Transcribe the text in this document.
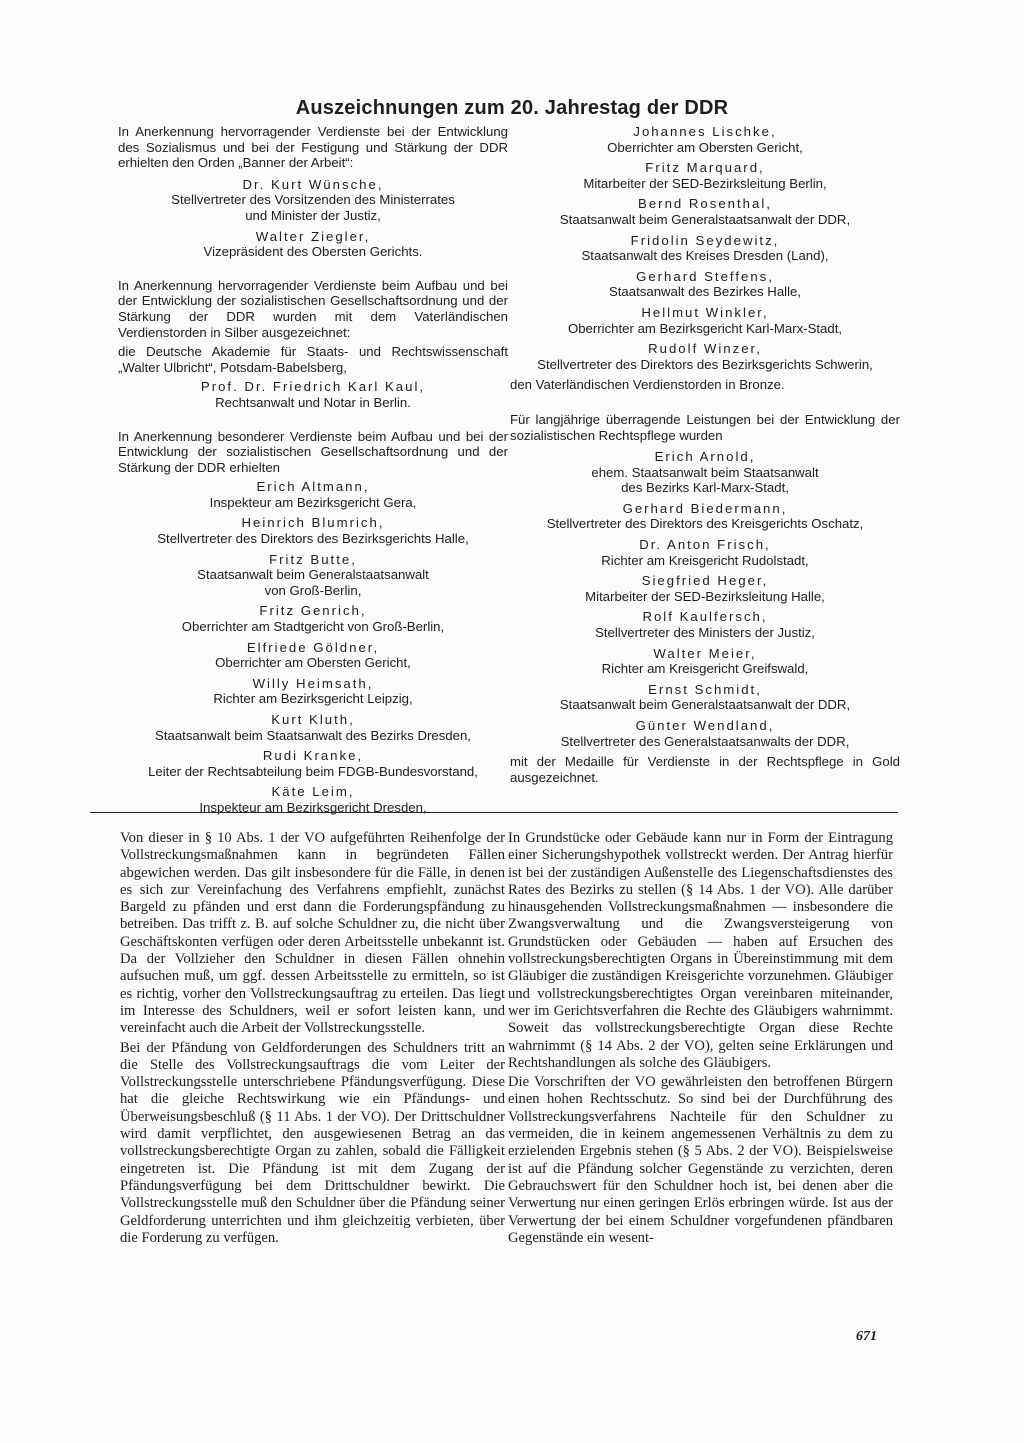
Auszeichnungen zum 20. Jahrestag der DDR

In Anerkennung hervorragender Verdienste bei der Entwicklung des Sozialismus und bei der Festigung und Stärkung der DDR erhielten den Orden „Banner der Arbeit“:

Dr. Kurt Wünsche,
Stellvertreter des Vorsitzenden des Ministerrates
und Minister der Justiz,
Walter Ziegler,
Vizepräsident des Obersten Gerichts.

In Anerkennung hervorragender Verdienste beim Aufbau und bei der Entwicklung der sozialistischen Gesellschaftsordnung und der Stärkung der DDR wurden mit dem Vaterländischen Verdienstorden in Silber ausgezeichnet:

die Deutsche Akademie für Staats- und Rechtswissenschaft „Walter Ulbricht“, Potsdam-Babelsberg,

Prof. Dr. Friedrich Karl Kaul,
Rechtsanwalt und Notar in Berlin.

In Anerkennung besonderer Verdienste beim Aufbau und bei der Entwicklung der sozialistischen Gesellschaftsordnung und der Stärkung der DDR erhielten

Erich Altmann,
Inspekteur am Bezirksgericht Gera,
Heinrich Blumrich,
Stellvertreter des Direktors des Bezirksgerichts Halle,
Fritz Butte,
Staatsanwalt beim Generalstaatsanwalt
von Groß-Berlin,
Fritz Genrich,
Oberrichter am Stadtgericht von Groß-Berlin,
Elfriede Göldner,
Oberrichter am Obersten Gericht,
Willy Heimsath,
Richter am Bezirksgericht Leipzig,
Kurt Kluth,
Staatsanwalt beim Staatsanwalt des Bezirks Dresden,
Rudi Kranke,
Leiter der Rechtsabteilung beim FDGB-Bundesvorstand,
Käte Leim,
Inspekteur am Bezirksgericht Dresden,
Johannes Lischke,
Oberrichter am Obersten Gericht,
Fritz Marquard,
Mitarbeiter der SED-Bezirksleitung Berlin,
Bernd Rosenthal,
Staatsanwalt beim Generalstaatsanwalt der DDR,
Fridolin Seydewitz,
Staatsanwalt des Kreises Dresden (Land),
Gerhard Steffens,
Staatsanwalt des Bezirkes Halle,
Hellmut Winkler,
Oberrichter am Bezirksgericht Karl-Marx-Stadt,
Rudolf Winzer,
Stellvertreter des Direktors des Bezirksgerichts Schwerin,

den Vaterländischen Verdienstorden in Bronze.

Für langjährige überragende Leistungen bei der Entwicklung der sozialistischen Rechtspflege wurden

Erich Arnold,
ehem. Staatsanwalt beim Staatsanwalt
des Bezirks Karl-Marx-Stadt,
Gerhard Biedermann,
Stellvertreter des Direktors des Kreisgerichts Oschatz,
Dr. Anton Frisch,
Richter am Kreisgericht Rudolstadt,
Siegfried Heger,
Mitarbeiter der SED-Bezirksleitung Halle,
Rolf Kaulfersch,
Stellvertreter des Ministers der Justiz,
Walter Meier,
Richter am Kreisgericht Greifswald,
Ernst Schmidt,
Staatsanwalt beim Generalstaatsanwalt der DDR,
Günter Wendland,
Stellvertreter des Generalstaatsanwalts der DDR,

mit der Medaille für Verdienste in der Rechtspflege in Gold ausgezeichnet.

Von dieser in § 10 Abs. 1 der VO aufgeführten Reihenfolge der Vollstreckungsmaßnahmen kann in begründeten Fällen abgewichen werden. Das gilt insbesondere für die Fälle, in denen es sich zur Vereinfachung des Verfahrens empfiehlt, zunächst Bargeld zu pfänden und erst dann die Forderungspfändung zu betreiben. Das trifft z. B. auf solche Schuldner zu, die nicht über Geschäftskonten verfügen oder deren Arbeitsstelle unbekannt ist. Da der Vollzieher den Schuldner in diesen Fällen ohnehin aufsuchen muß, um ggf. dessen Arbeitsstelle zu ermitteln, so ist es richtig, vorher den Vollstreckungsauftrag zu erteilen. Das liegt im Interesse des Schuldners, weil er sofort leisten kann, und vereinfacht auch die Arbeit der Vollstreckungsstelle.

Bei der Pfändung von Geldforderungen des Schuldners tritt an die Stelle des Vollstreckungsauftrags die vom Leiter der Vollstreckungsstelle unterschriebene Pfändungsverfügung. Diese hat die gleiche Rechtswirkung wie ein Pfändungs- und Überweisungsbeschluß (§ 11 Abs. 1 der VO). Der Drittschuldner wird damit verpflichtet, den ausgewiesenen Betrag an das vollstreckungsberechtigte Organ zu zahlen, sobald die Fälligkeit eingetreten ist. Die Pfändung ist mit dem Zugang der Pfändungsverfügung bei dem Drittschuldner bewirkt. Die Vollstreckungsstelle muß den Schuldner über die Pfändung seiner Geldforderung unterrichten und ihm gleichzeitig verbieten, über die Forderung zu verfügen.

In Grundstücke oder Gebäude kann nur in Form der Eintragung einer Sicherungshypothek vollstreckt werden. Der Antrag hierfür ist bei der zuständigen Außenstelle des Liegenschaftsdienstes des Rates des Bezirks zu stellen (§ 14 Abs. 1 der VO). Alle darüber hinausgehenden Vollstreckungsmaßnahmen — insbesondere die Zwangsverwaltung und die Zwangsversteigerung von Grundstücken oder Gebäuden — haben auf Ersuchen des vollstreckungsberechtigten Organs in Übereinstimmung mit dem Gläubiger die zuständigen Kreisgerichte vorzunehmen. Gläubiger und vollstreckungsberechtigtes Organ vereinbaren miteinander, wer im Gerichtsverfahren die Rechte des Gläubigers wahrnimmt. Soweit das vollstreckungsberechtigte Organ diese Rechte wahrnimmt (§ 14 Abs. 2 der VO), gelten seine Erklärungen und Rechtshandlungen als solche des Gläubigers.

Die Vorschriften der VO gewährleisten den betroffenen Bürgern einen hohen Rechtsschutz. So sind bei der Durchführung des Vollstreckungsverfahrens Nachteile für den Schuldner zu vermeiden, die in keinem angemessenen Verhältnis zu dem zu erzielenden Ergebnis stehen (§ 5 Abs. 2 der VO). Beispielsweise ist auf die Pfändung solcher Gegenstände zu verzichten, deren Gebrauchswert für den Schuldner hoch ist, bei denen aber die Verwertung nur einen geringen Erlös erbringen würde. Ist aus der Verwertung der bei einem Schuldner vorgefundenen pfändbaren Gegenstände ein wesent-

671
